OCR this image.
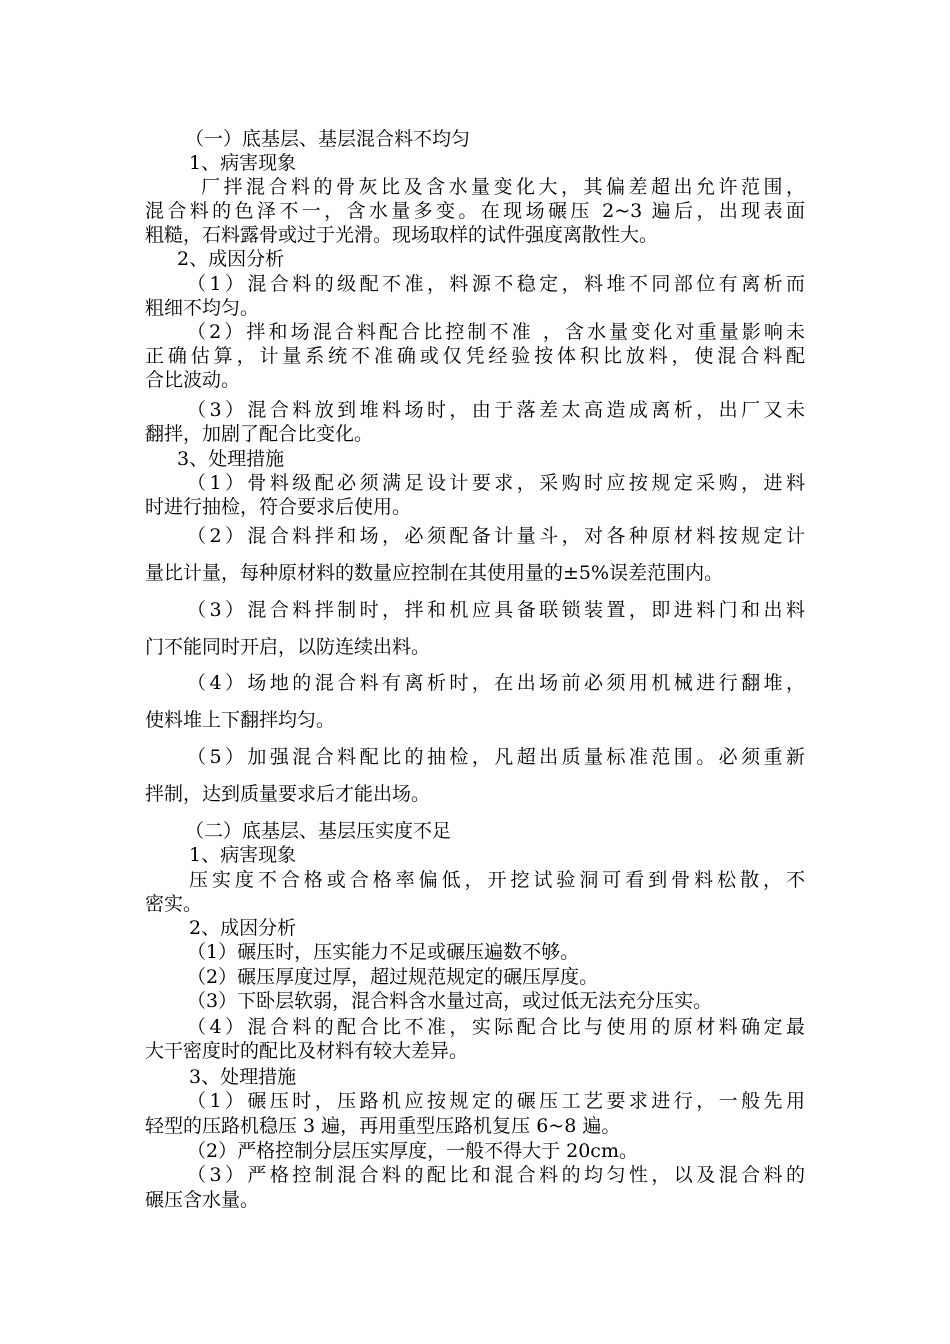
（一）底基层、基层混合料不均匀
1、病害现象
厂拌混合料的骨灰比及含水量变化大，其偏差超出允许范围，
混合料的色泽不一，含水量多变。在现场碾压 2~3 遍后，出现表面
粗糙，石料露骨或过于光滑。现场取样的试件强度离散性大。
2、成因分析
（1）混合料的级配不准，料源不稳定，料堆不同部位有离析而
粗细不均匀。
（2）拌和场混合料配合比控制不准 ，含水量变化对重量影响未
正确估算，计量系统不准确或仅凭经验按体积比放料，使混合料配
合比波动。
（3）混合料放到堆料场时，由于落差太高造成离析，出厂又未
翻拌，加剧了配合比变化。
3、处理措施
（1）骨料级配必须满足设计要求，采购时应按规定采购，进料
时进行抽检，符合要求后使用。
（2）混合料拌和场，必须配备计量斗，对各种原材料按规定计
量比计量，每种原材料的数量应控制在其使用量的±5%误差范围内。
（3）混合料拌制时，拌和机应具备联锁装置，即进料门和出料
门不能同时开启，以防连续出料。
（4）场地的混合料有离析时，在出场前必须用机械进行翻堆，
使料堆上下翻拌均匀。
（5）加强混合料配比的抽检，凡超出质量标准范围。必须重新
拌制，达到质量要求后才能出场。
（二）底基层、基层压实度不足
1、病害现象
压实度不合格或合格率偏低，开挖试验洞可看到骨料松散，不
密实。
2、成因分析
（1）碾压时，压实能力不足或碾压遍数不够。
（2）碾压厚度过厚，超过规范规定的碾压厚度。
（3）下卧层软弱，混合料含水量过高，或过低无法充分压实。
（4）混合料的配合比不准，实际配合比与使用的原材料确定最
大干密度时的配比及材料有较大差异。
3、处理措施
（1）碾压时，压路机应按规定的碾压工艺要求进行，一般先用
轻型的压路机稳压 3 遍，再用重型压路机复压 6~8 遍。
（2）严格控制分层压实厚度，一般不得大于 20cm。
（3）严格控制混合料的配比和混合料的均匀性，以及混合料的
碾压含水量。
